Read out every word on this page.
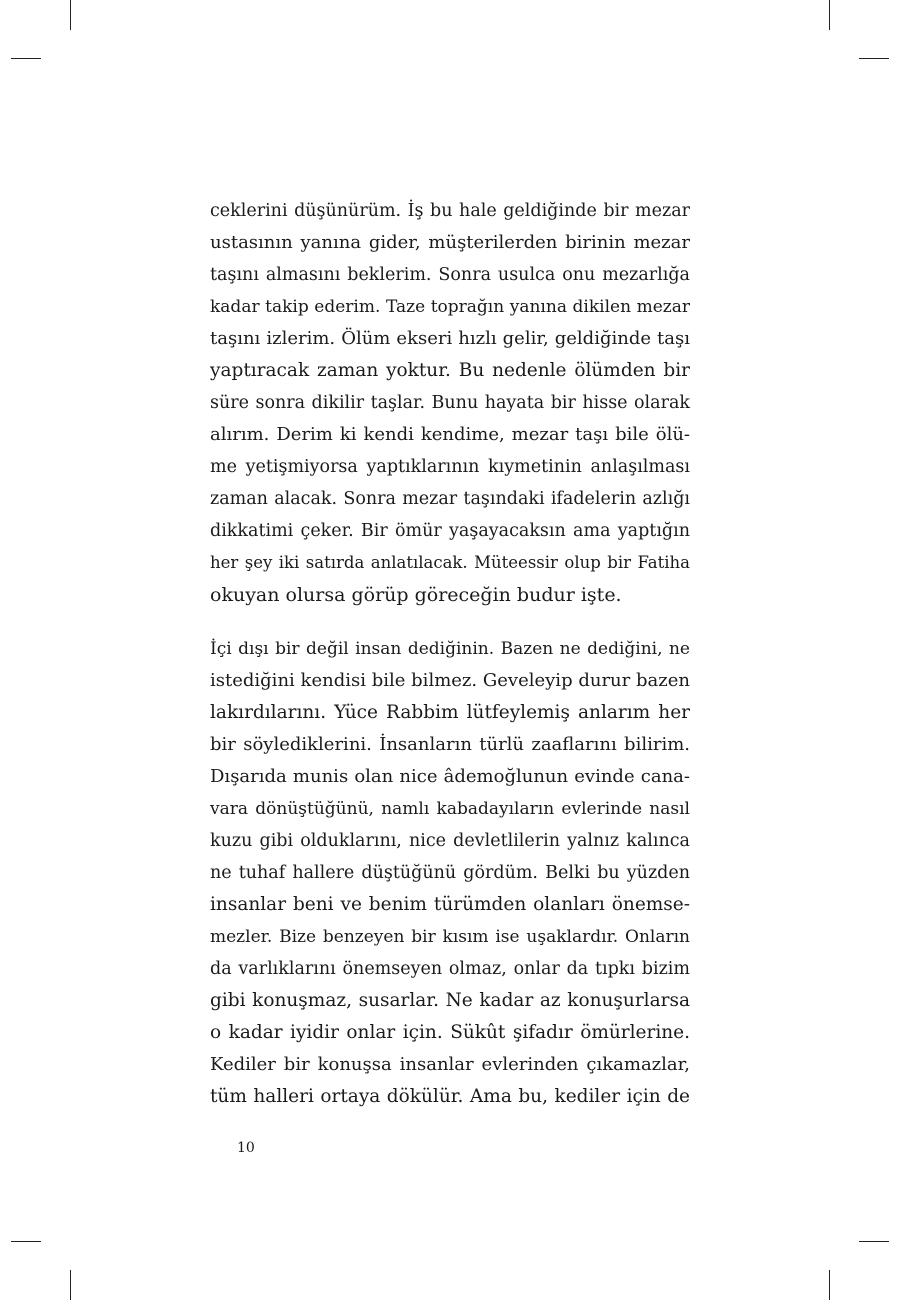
ceklerini düşünürüm. İş bu hale geldiğinde bir mezar
ustasının yanına gider, müşterilerden birinin mezar
taşını almasını beklerim. Sonra usulca onu mezarlığa
kadar takip ederim. Taze toprağın yanına dikilen mezar
taşını izlerim. Ölüm ekseri hızlı gelir, geldiğinde taşı
yaptıracak zaman yoktur. Bu nedenle ölümden bir
süre sonra dikilir taşlar. Bunu hayata bir hisse olarak
alırım. Derim ki kendi kendime, mezar taşı bile ölü-
me yetişmiyorsa yaptıklarının kıymetinin anlaşılması
zaman alacak. Sonra mezar taşındaki ifadelerin azlığı
dikkatimi çeker. Bir ömür yaşayacaksın ama yaptığın
her şey iki satırda anlatılacak. Müteessir olup bir Fatiha
okuyan olursa görüp göreceğin budur işte.
İçi dışı bir değil insan dediğinin. Bazen ne dediğini, ne
istediğini kendisi bile bilmez. Geveleyip durur bazen
lakırdılarını. Yüce Rabbim lütfeylemiş anlarım her
bir söylediklerini. İnsanların türlü zaaflarını bilirim.
Dışarıda munis olan nice âdemoğlunun evinde cana-
vara dönüştüğünü, namlı kabadayıların evlerinde nasıl
kuzu gibi olduklarını, nice devletlilerin yalnız kalınca
ne tuhaf hallere düştüğünü gördüm. Belki bu yüzden
insanlar beni ve benim türümden olanları önemse-
mezler. Bize benzeyen bir kısım ise uşaklardır. Onların
da varlıklarını önemseyen olmaz, onlar da tıpkı bizim
gibi konuşmaz, susarlar. Ne kadar az konuşurlarsa
o kadar iyidir onlar için. Sükût şifadır ömürlerine.
Kediler bir konuşsa insanlar evlerinden çıkamazlar,
tüm halleri ortaya dökülür. Ama bu, kediler için de
10
